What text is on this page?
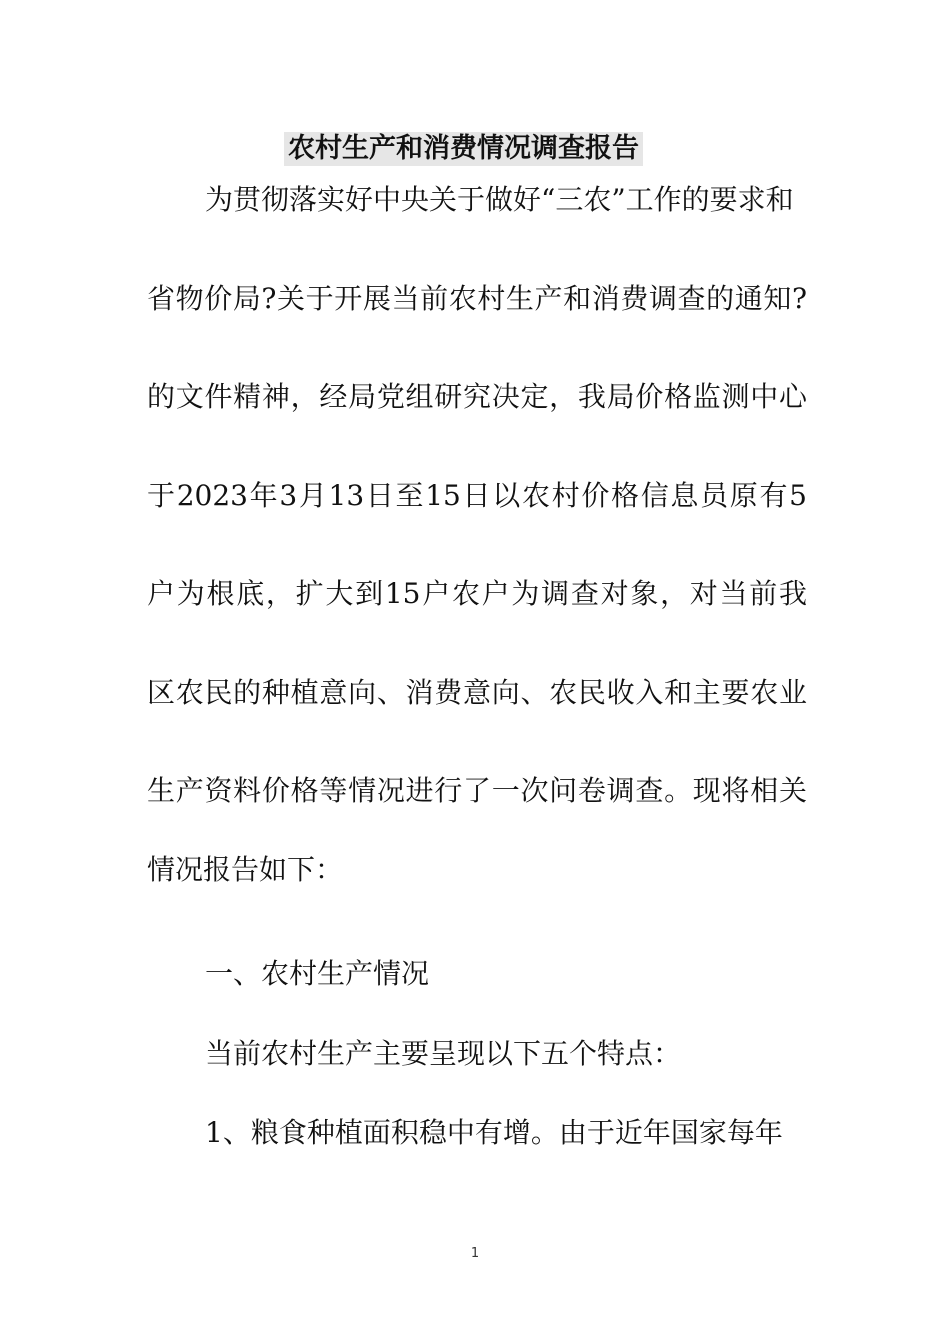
农村生产和消费情况调查报告
为贯彻落实好中央关于做好“三农”工作的要求和
省物价局?关于开展当前农村生产和消费调查的通知?
的文件精神，经局党组研究决定，我局价格监测中心
于2023年3月13日至15日以农村价格信息员原有5
户为根底，扩大到15户农户为调查对象，对当前我
区农民的种植意向、消费意向、农民收入和主要农业
生产资料价格等情况进行了一次问卷调查。现将相关
情况报告如下：
一、农村生产情况
当前农村生产主要呈现以下五个特点：
1、粮食种植面积稳中有增。由于近年国家每年
1
